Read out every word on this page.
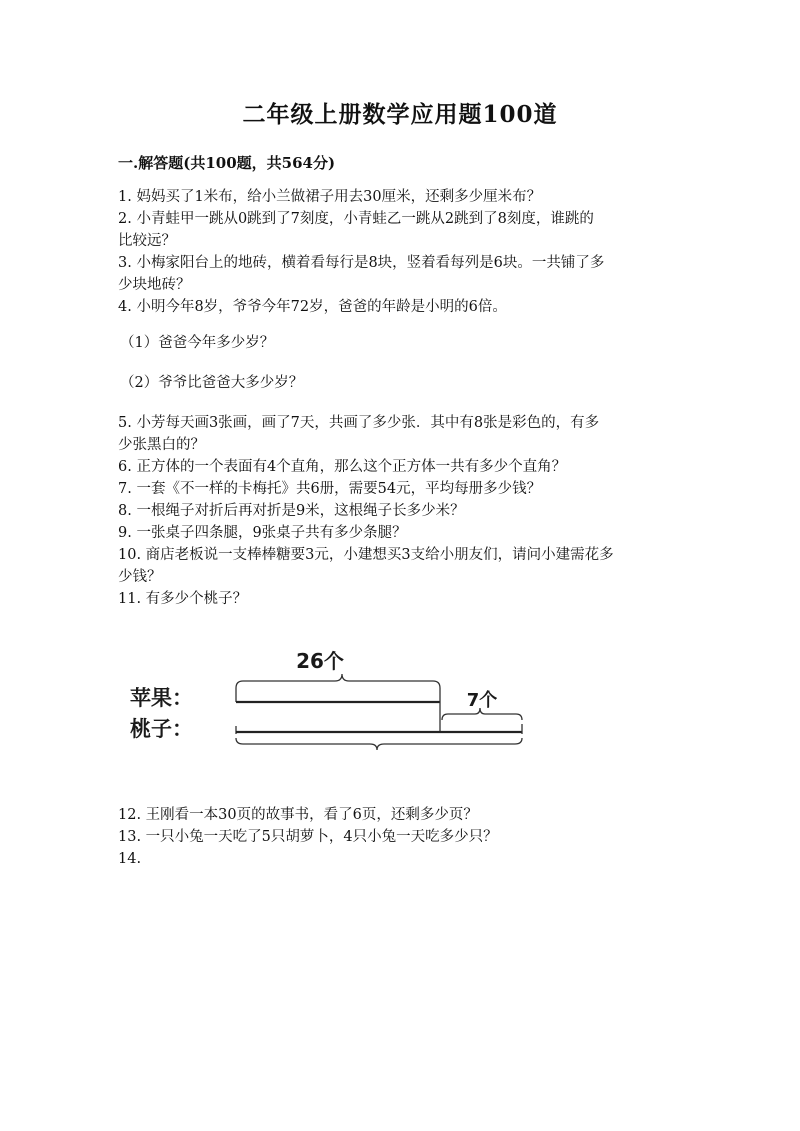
二年级上册数学应用题100道
一.解答题(共100题，共564分)
1. 妈妈买了1米布，给小兰做裙子用去30厘米，还剩多少厘米布？
2. 小青蛙甲一跳从0跳到了7刻度，小青蛙乙一跳从2跳到了8刻度，谁跳的
比较远？
3. 小梅家阳台上的地砖，横着看每行是8块，竖着看每列是6块。一共铺了多
少块地砖？
4. 小明今年8岁，爷爷今年72岁，爸爸的年龄是小明的6倍。
（1）爸爸今年多少岁？
（2）爷爷比爸爸大多少岁？
5. 小芳每天画3张画，画了7天，共画了多少张．其中有8张是彩色的，有多
少张黑白的？
6. 正方体的一个表面有4个直角，那么这个正方体一共有多少个直角？
7. 一套《不一样的卡梅托》共6册，需要54元，平均每册多少钱？
8. 一根绳子对折后再对折是9米，这根绳子长多少米？
9. 一张桌子四条腿，9张桌子共有多少条腿？
10. 商店老板说一支棒棒糖要3元，小建想买3支给小朋友们，请问小建需花多
少钱？
11. 有多少个桃子？
26个
苹果：
桃子：
7个
12. 王刚看一本30页的故事书，看了6页，还剩多少页？
13. 一只小兔一天吃了5只胡萝卜，4只小兔一天吃多少只？
14.
